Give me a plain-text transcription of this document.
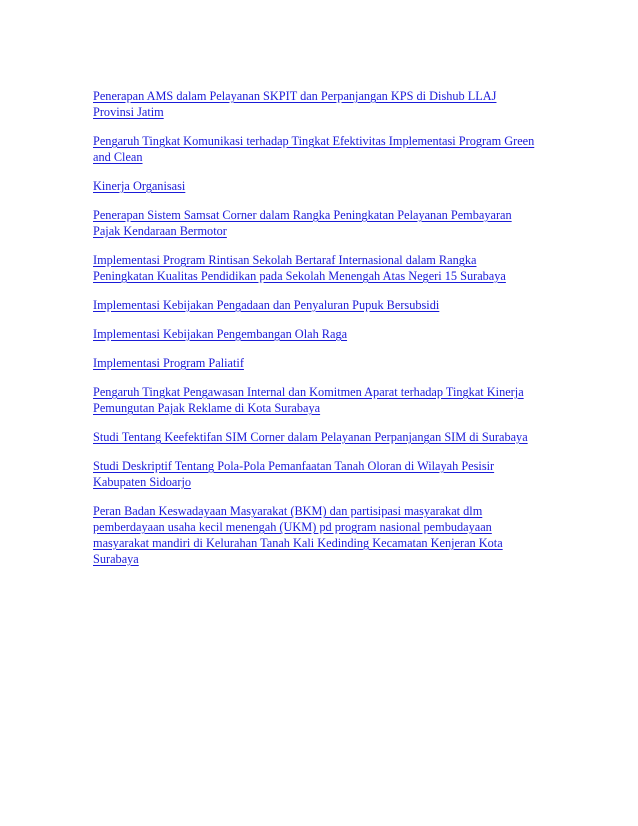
Penerapan AMS dalam Pelayanan SKPIT dan Perpanjangan KPS di Dishub LLAJ
Provinsi Jatim
Pengaruh Tingkat Komunikasi terhadap Tingkat Efektivitas Implementasi Program Green
and Clean
Kinerja Organisasi
Penerapan Sistem Samsat Corner dalam Rangka Peningkatan Pelayanan Pembayaran
Pajak Kendaraan Bermotor
Implementasi Program Rintisan Sekolah Bertaraf Internasional dalam Rangka
Peningkatan Kualitas Pendidikan pada Sekolah Menengah Atas Negeri 15 Surabaya
Implementasi Kebijakan Pengadaan dan Penyaluran Pupuk Bersubsidi
Implementasi Kebijakan Pengembangan Olah Raga
Implementasi Program Paliatif
Pengaruh Tingkat Pengawasan Internal dan Komitmen Aparat terhadap Tingkat Kinerja
Pemungutan Pajak Reklame di Kota Surabaya
Studi Tentang Keefektifan SIM Corner dalam Pelayanan Perpanjangan SIM di Surabaya
Studi Deskriptif Tentang Pola-Pola Pemanfaatan Tanah Oloran di Wilayah Pesisir
Kabupaten Sidoarjo
Peran Badan Keswadayaan Masyarakat (BKM) dan partisipasi masyarakat dlm
pemberdayaan usaha kecil menengah (UKM) pd program nasional pembudayaan
masyarakat mandiri di Kelurahan Tanah Kali Kedinding Kecamatan Kenjeran Kota
Surabaya
